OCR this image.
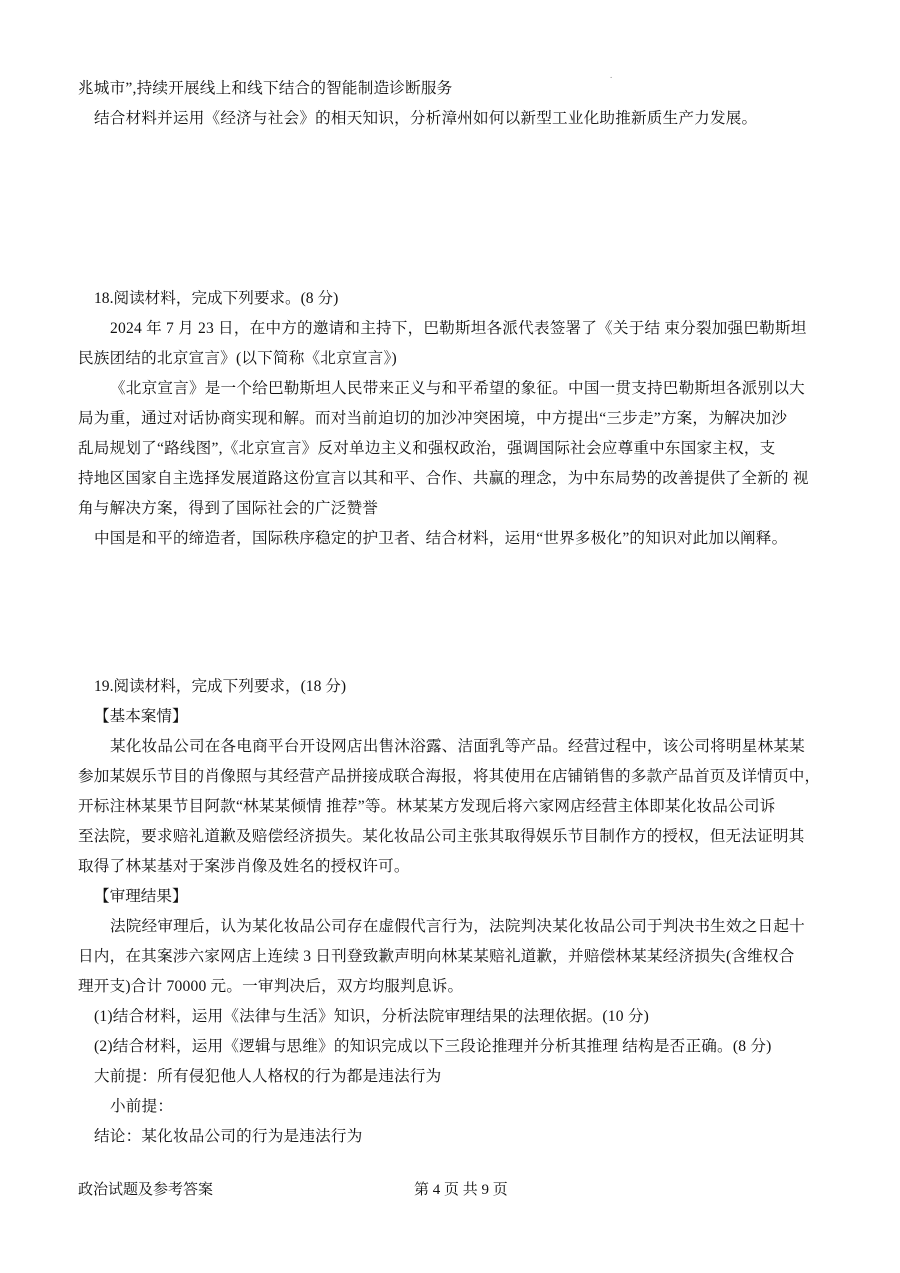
.
兆城市”,持续开展线上和线下结合的智能制造诊断服务
结合材料并运用《经济与社会》的相天知识，分析漳州如何以新型工业化助推新质生产力发展。
18.阅读材料，完成下列要求。(8 分)
2024 年 7 月 23 日，在中方的邀请和主持下，巴勒斯坦各派代表签署了《关于结 束分裂加强巴勒斯坦
民族团结的北京宣言》(以下简称《北京宣言》)
《北京宣言》是一个给巴勒斯坦人民带来正义与和平希望的象征。中国一贯支持巴勒斯坦各派别以大
局为重，通过对话协商实现和解。而对当前迫切的加沙冲突困境，中方提出“三步走”方案，为解决加沙
乱局规划了“路线图”,《北京宣言》反对单边主义和强权政治，强调国际社会应尊重中东国家主权，支
持地区国家自主选择发展道路这份宣言以其和平、合作、共赢的理念，为中东局势的改善提供了全新的 视
角与解决方案，得到了国际社会的广泛赞誉
中国是和平的缔造者，国际秩序稳定的护卫者、结合材料，运用“世界多极化”的知识对此加以阐释。
19.阅读材料，完成下列要求，(18 分)
【基本案情】
某化妆品公司在各电商平台开设网店出售沐浴露、洁面乳等产品。经营过程中，该公司将明星林某某
参加某娱乐节目的肖像照与其经营产品拼接成联合海报，将其使用在店铺销售的多款产品首页及详情页中，
开标注林某果节目阿款“林某某倾情 推荐”等。林某某方发现后将六家网店经营主体即某化妆品公司诉
至法院，要求赔礼道歉及赔偿经济损失。某化妆品公司主张其取得娱乐节目制作方的授权，但无法证明其
取得了林某基对于案涉肖像及姓名的授权许可。
【审理结果】
法院经审理后，认为某化妆品公司存在虚假代言行为，法院判决某化妆品公司于判决书生效之日起十
日内，在其案涉六家网店上连续 3 日刊登致歉声明向林某某赔礼道歉，并赔偿林某某经济损失(含维权合
理开支)合计 70000 元。一审判决后，双方均服判息诉。
(1)结合材料，运用《法律与生活》知识，分析法院审理结果的法理依据。(10 分)
(2)结合材料，运用《逻辑与思维》的知识完成以下三段论推理并分析其推理 结构是否正确。(8 分)
大前提：所有侵犯他人人格权的行为都是违法行为
小前提：
结论：某化妆品公司的行为是违法行为
政治试题及参考答案	第 4 页 共 9 页
